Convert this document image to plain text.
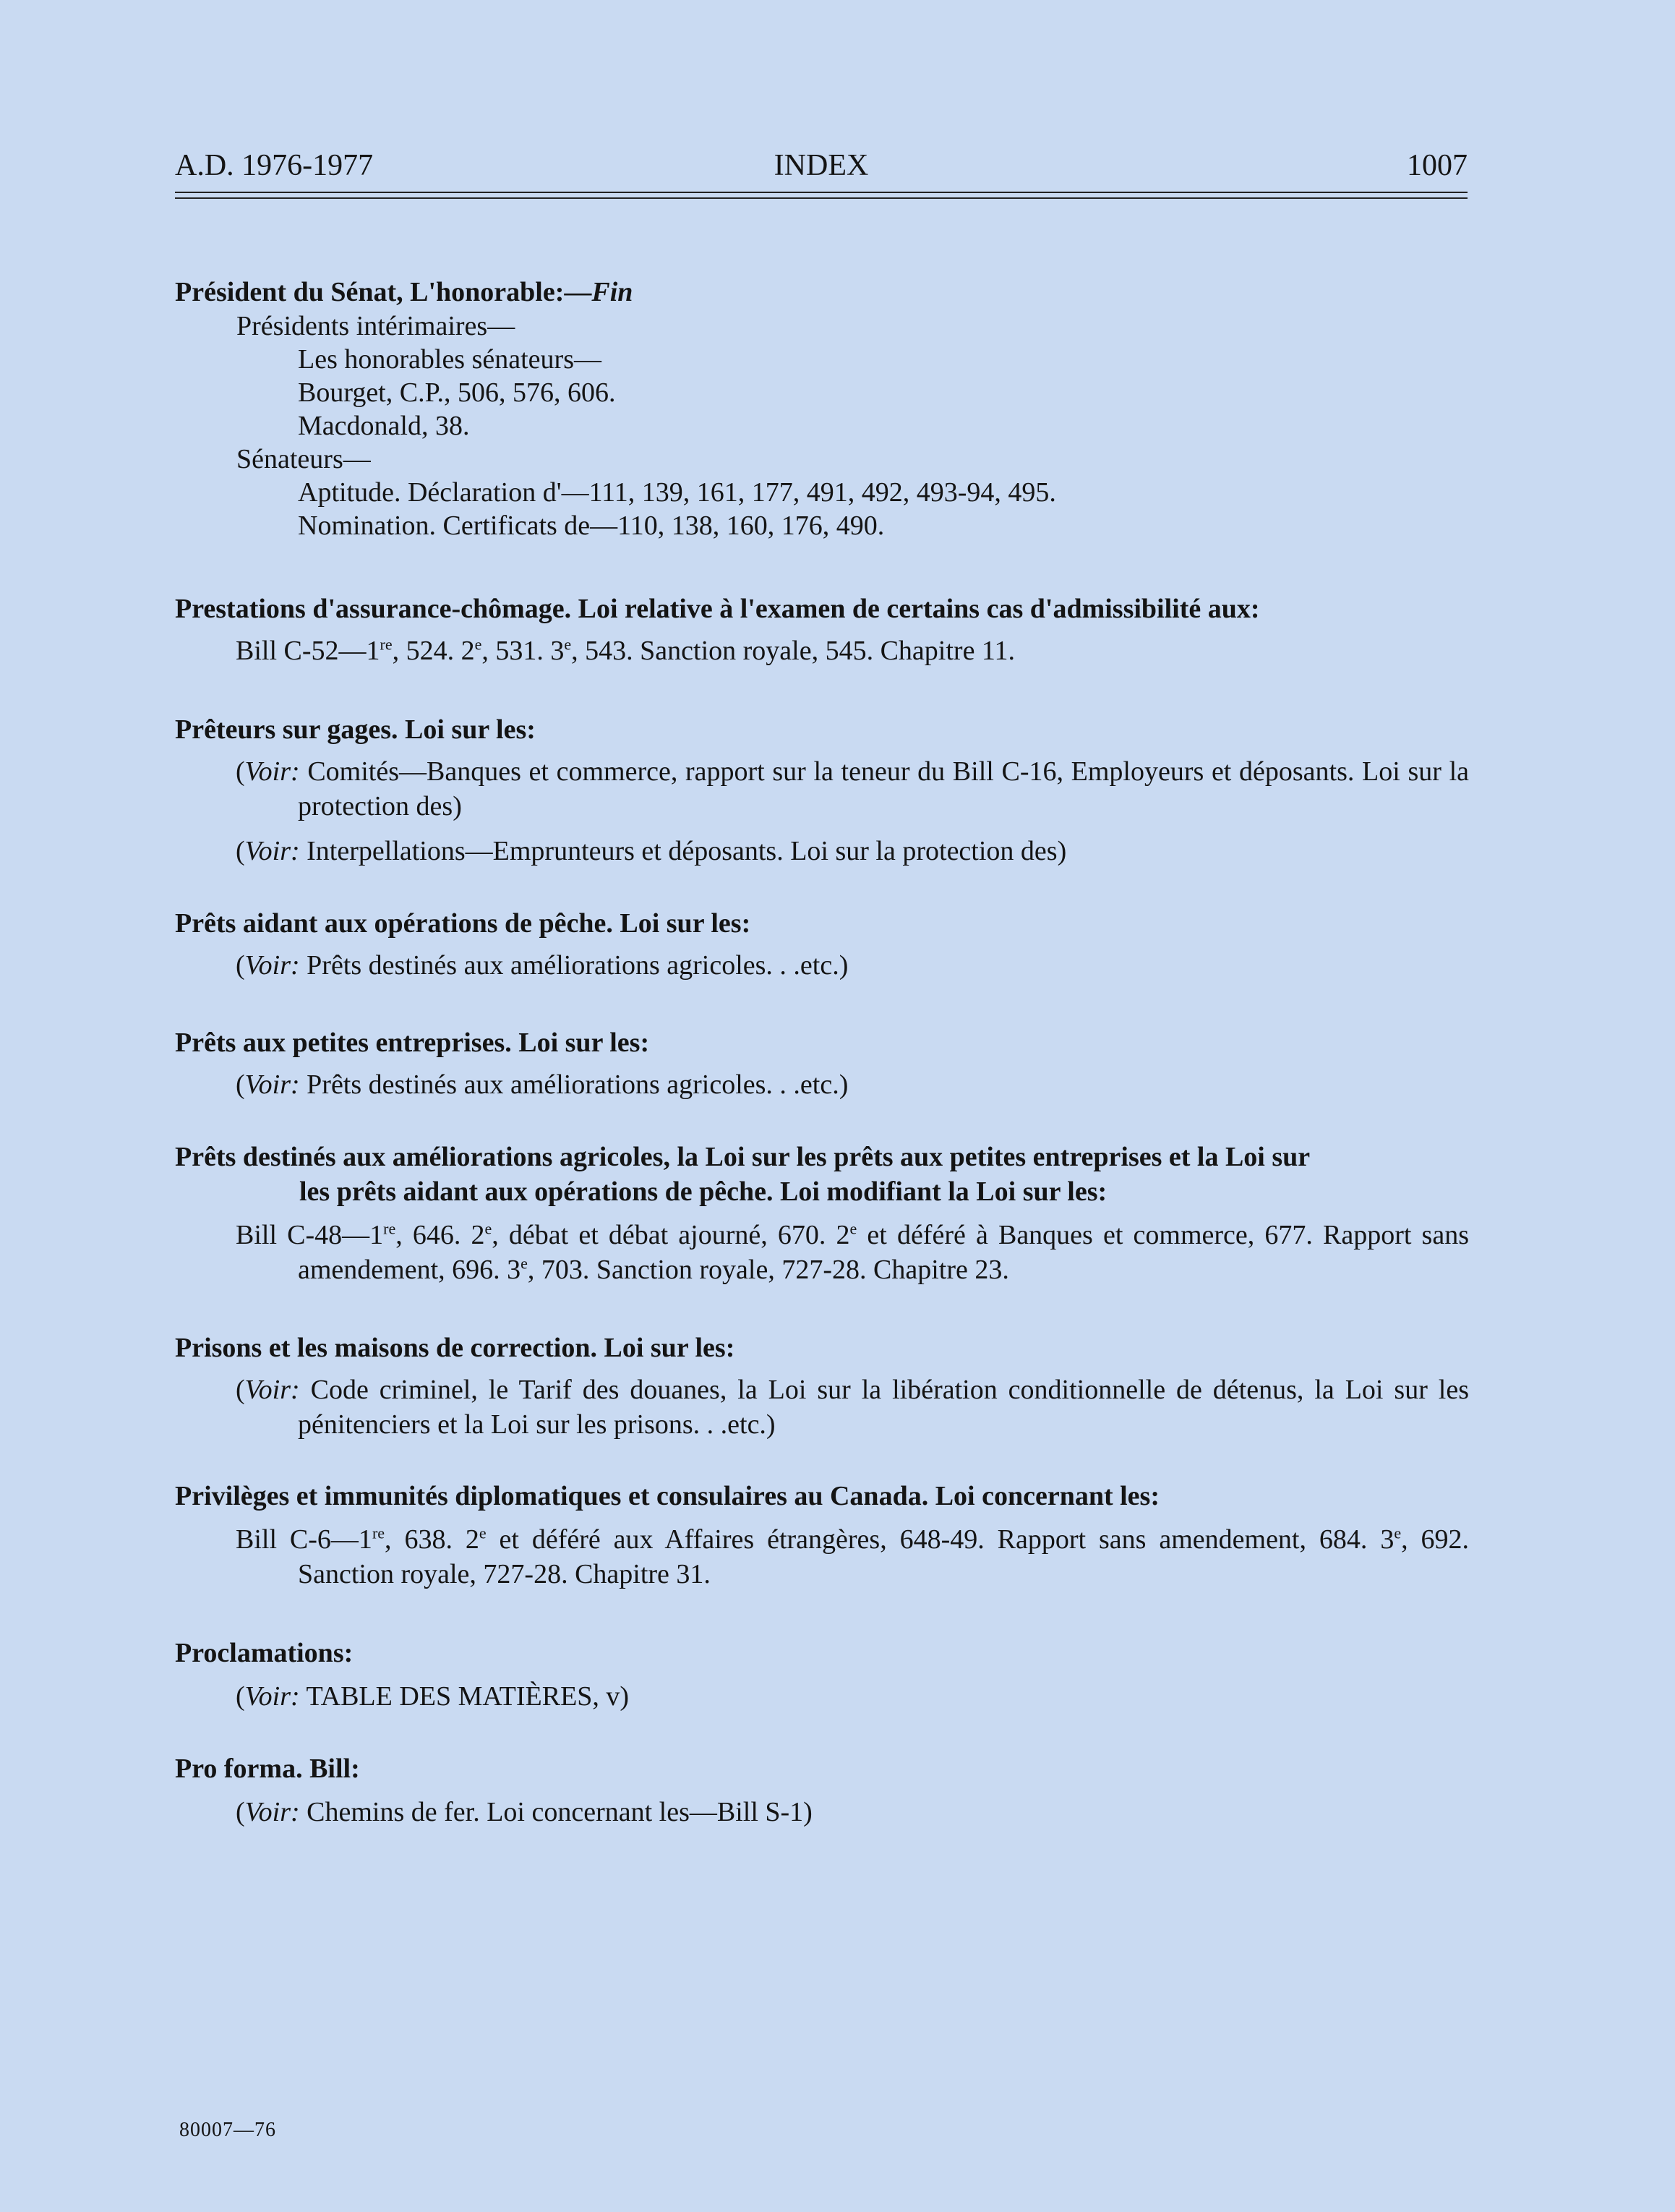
A.D. 1976-1977	INDEX	1007
Président du Sénat, L'honorable:—Fin
Présidents intérimaires—
Les honorables sénateurs—
Bourget, C.P., 506, 576, 606.
Macdonald, 38.
Sénateurs—
Aptitude. Déclaration d'—111, 139, 161, 177, 491, 492, 493-94, 495.
Nomination. Certificats de—110, 138, 160, 176, 490.
Prestations d'assurance-chômage. Loi relative à l'examen de certains cas d'admissibilité aux:
Bill C-52—1re, 524. 2e, 531. 3e, 543. Sanction royale, 545. Chapitre 11.
Prêteurs sur gages. Loi sur les:
(Voir: Comités—Banques et commerce, rapport sur la teneur du Bill C-16, Employeurs et déposants. Loi sur la protection des)
(Voir: Interpellations—Emprunteurs et déposants. Loi sur la protection des)
Prêts aidant aux opérations de pêche. Loi sur les:
(Voir: Prêts destinés aux améliorations agricoles. . .etc.)
Prêts aux petites entreprises. Loi sur les:
(Voir: Prêts destinés aux améliorations agricoles. . .etc.)
Prêts destinés aux améliorations agricoles, la Loi sur les prêts aux petites entreprises et la Loi sur
les prêts aidant aux opérations de pêche. Loi modifiant la Loi sur les:
Bill C-48—1re, 646. 2e, débat et débat ajourné, 670. 2e et déféré à Banques et commerce, 677. Rapport sans amendement, 696. 3e, 703. Sanction royale, 727-28. Chapitre 23.
Prisons et les maisons de correction. Loi sur les:
(Voir: Code criminel, le Tarif des douanes, la Loi sur la libération conditionnelle de détenus, la Loi sur les pénitenciers et la Loi sur les prisons. . .etc.)
Privilèges et immunités diplomatiques et consulaires au Canada. Loi concernant les:
Bill C-6—1re, 638. 2e et déféré aux Affaires étrangères, 648-49. Rapport sans amendement, 684. 3e, 692. Sanction royale, 727-28. Chapitre 31.
Proclamations:
(Voir: TABLE DES MATIÈRES, v)
Pro forma. Bill:
(Voir: Chemins de fer. Loi concernant les—Bill S-1)
80007—76
